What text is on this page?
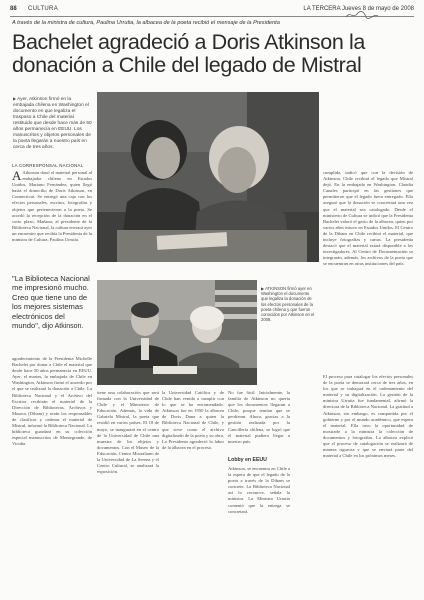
88 CULTURA	LA TERCERA Jueves 8 de mayo de 2008
A través de la ministra de cultura, Paulina Urrutia, la albacea de la poeta recibió el mensaje de la Presidenta
Bachelet agradeció a Doris Atkinson la donación a Chile del legado de Mistral
▶Ayer, Atkinson firmó en la embajada chilena en Washington el documento en que legaliza el traspaso a Chile del material restituido que desde hace más de 50 años permanecía en EEUU. Los manuscritos y objetos personales de la poeta llegarán a nuestro país en cerca de tres años.
LA CORRESPONSAL NACIONAL
A Atkinson donó el material personal al embajador chileno en Estados Unidos, Mariano Fernández, quien llegó hasta el domicilio de Doris Atkinson, en Connecticut. Se entregó una caja con los efectos personales, escritos, fotografías y objetos que pertenecieron a la poeta. Se acordó la recepción de la donación en el corto plazo. Mañana, al presidente de la Biblioteca Nacional, la cultura enviará ayer un encuentro que recibía la Presidenta de la ministra de Cultura, Paulina Urrutia.
"La Biblioteca Nacional me impresionó mucho. Creo que tiene uno de los mejores sistemas electrónicos del mundo", dijo Atkinson.
agradecimiento de la Presidenta Michelle Bachelet por donar a Chile el material que desde hace 50 años permanecía en EEUU. Ayer, el martes, la embajada de Chile en Washington, Atkinson firmó el acuerdo por el que se realizará la donación a Chile. La Biblioteca Nacional y el Archivo del Escritor recibirán el material de la Dirección de Bibliotecas, Archivos y Museos (Dibam) y serán los responsables de clasificar y ordenar el material de Mistral, informó la Biblioteca Nacional. La biblioteca guardará en su colección especial manuscritos de Montegrande, de Vicuña.
▶ATKINSON firmó ayer en Washington el documento que legaliza la donación de los efectos personales de la poeta chilena y que fueron conocidos por Atkinson en el 2008.
tiene una colaboración que será firmada con la Universidad de Chile y el Ministerio de Educación. Además, la vida de Gabriela Mistral, la poeta que residió en varios países. El 18 de mayo, se inaugurará en el centro de la Universidad de Chile una muestra de los objetos y documentos. Con el Museo de la Educación, Centro Mistraliano de la Universidad de La Serena y el Centro Cultural, se analizará la exposición.
la Universidad Católica y de Chile han venido a cumplir con lo que se ha encomendado. Atkinson fue en 1950 la albacea de Doris Dana a quien la Biblioteca Nacional de Chile, y que sirve como el archivo digitalizado de la poeta y su obra. La Presidenta agradeció la labor de la albacea en el proceso.
No fue fácil. Inicialmente, la familia de Atkinson no quería que los documentos llegaran a Chile, porque temían que se perdieran. Ahora, gracias a la gestión realizada por la Cancillería chilena, se logró que el material pudiera llegar a nuestro país.
Lobby en EEUU
Atkinson, se encuentra en Chile a la espera de que el legado de la poeta a través de la Dibam se concrete. La Biblioteca Nacional así lo reconoce, señala la ministra. La Ministra Urrutia comentó que la entrega se concretará.
cumplida, indicó que con la decisión de Atkinson, Chile recibirá el legado que Mistral dejó. En la embajada en Washington, Claudia Canales participó en las gestiones que permitieron que el legado fuera entregado. Ella aseguró que la donación se concretará una vez que el material sea catalogado. Desde el ministerio de Cultura se indicó que la Presidenta Bachelet valoró el gesto de la albacea, quien por varios años estuvo en Estados Unidos. El Centro de la Dibam en Chile recibirá el material, que incluye fotografías y cartas. La presidenta destacó que el material estará disponible a los investigadores. Al Centro de Documentación se integrarán, además, los archivos de la poeta que se encuentran en otras instituciones del país.
El proceso para catalogar los efectos personales de la poeta se demorará cerca de tres años, en los que se trabajará en el ordenamiento del material y su digitalización. La gestión de la ministra Urrutia fue fundamental, afirmó la directora de la Biblioteca Nacional. La gratitud a Atkinson, sin embargo, es compartida por el gobierno y por el mundo académico, que espera el material. Ella tuvo la oportunidad de mostrarle a la ministra la colección de documentos y fotografías. La albacea explicó que el proceso de catalogación se realizará de manera rigurosa y que se enviará parte del material a Chile en los próximos meses.
